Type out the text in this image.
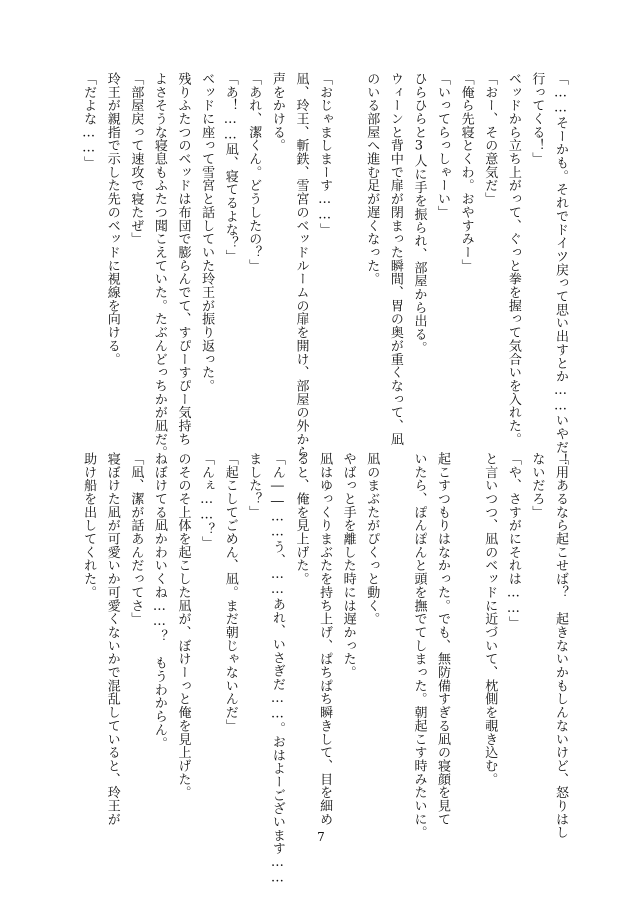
「……そーかも。それでドイツ戻って思い出すとか……いやだ！
行ってくる！」
ベッドから立ち上がって、ぐっと拳を握って気合いを入れた。
「おー、その意気だ」
「俺ら先寝とくわ。おやすみー」
「いってらっしゃーい」
ひらひらと3人に手を振られ、部屋から出る。
ウィーンと背中で扉が閉まった瞬間、胃の奥が重くなって、凪
のいる部屋へ進む足が遅くなった。

「おじゃましまーす……」
凪、玲王、斬鉄、雪宮のベッドルームの扉を開け、部屋の外から
声をかける。
「あれ、潔くん。どうしたの？」
「あ！……凪、寝てるよな？」
ベッドに座って雪宮と話していた玲王が振り返った。
残りふたつのベッドは布団で膨らんでて、すぴーすぴー気持ち
よさそうな寝息もふたつ聞こえていた。たぶんどっちかが凪だ。
「部屋戻って速攻で寝たぜ」
玲王が親指で示した先のベッドに視線を向ける。
「だよな……」
「用あるなら起こせば？　起きないかもしんないけど、怒りはし
ないだろ」
「や、さすがにそれは……」
と言いつつ、凪のベッドに近づいて、枕側を覗き込む。

起こすつもりはなかった。でも、無防備すぎる凪の寝顔を見て
いたら、ぽんぽんと頭を撫でてしまった。朝起こす時みたいに。

凪のまぶたがぴくっと動く。
やばっと手を離した時には遅かった。
凪はゆっくりまぶたを持ち上げ、ぱちぱち瞬きして、目を細め
ると、俺を見上げた。
「ん――……う、……あれ、いさぎだ……。おはよーございます……
ました？」
「起こしてごめん、凪。まだ朝じゃないんだ」
「んぇ……？」
のそのそ上体を起こした凪が、ぼけーっと俺を見上げた。
ねぼけてる凪かわいくね……？　もうわからん。
「凪、潔が話あんだってさ」
寝ぼけた凪が可愛いか可愛くないかで混乱していると、玲王が
助け船を出してくれた。
7
